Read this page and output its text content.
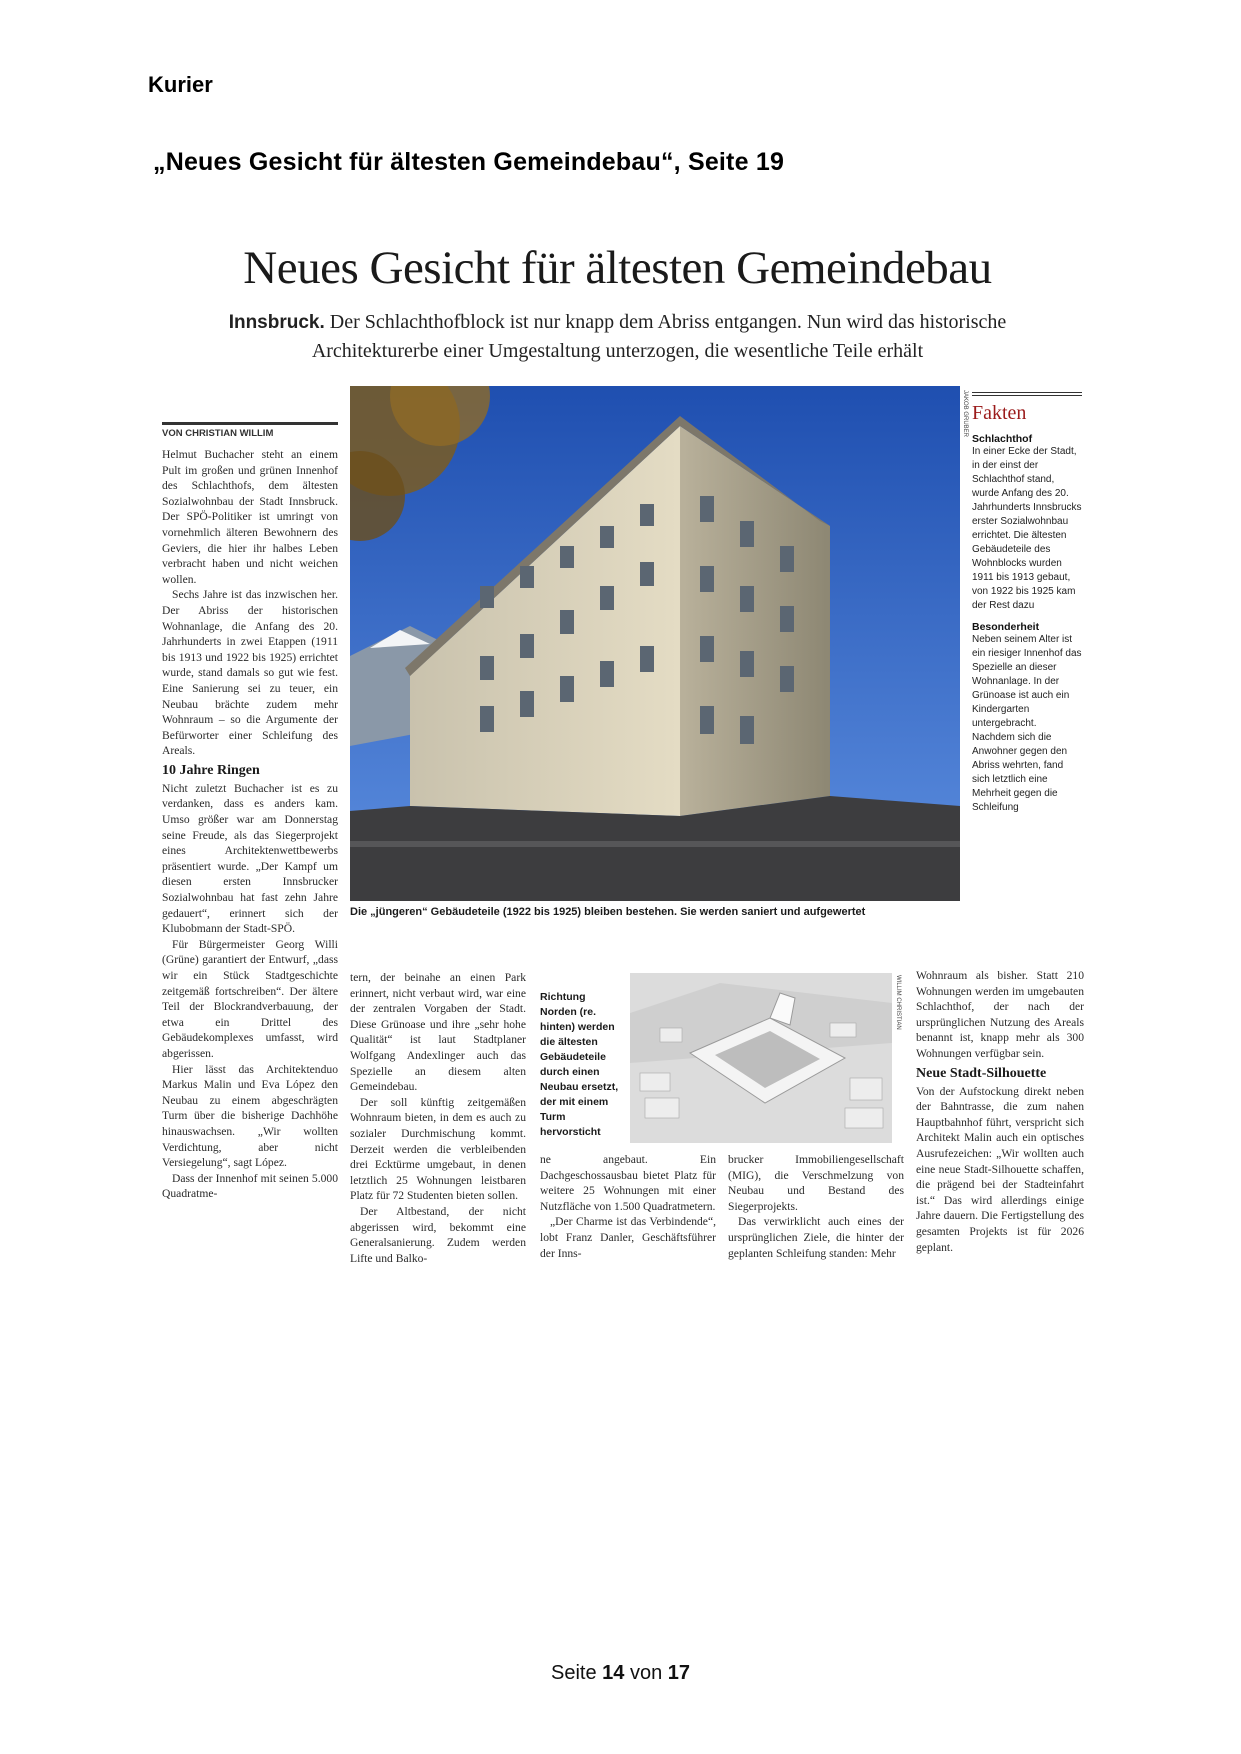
Kurier
„Neues Gesicht für ältesten Gemeindebau“, Seite 19
Neues Gesicht für ältesten Gemeindebau
Innsbruck. Der Schlachthofblock ist nur knapp dem Abriss entgangen. Nun wird das historische Architekturerbe einer Umgestaltung unterzogen, die wesentliche Teile erhält
VON CHRISTIAN WILLIM

Helmut Buchacher steht an einem Pult im großen und grünen Innenhof des Schlachthofs, dem ältesten Sozialwohnbau der Stadt Innsbruck. Der SPÖ-Politiker ist umringt von vornehmlich älteren Bewohnern des Geviers, die hier ihr halbes Leben verbracht haben und nicht weichen wollen.

Sechs Jahre ist das inzwischen her. Der Abriss der historischen Wohnanlage, die Anfang des 20. Jahrhunderts in zwei Etappen (1911 bis 1913 und 1922 bis 1925) errichtet wurde, stand damals so gut wie fest. Eine Sanierung sei zu teuer, ein Neubau brächte zudem mehr Wohnraum – so die Argumente der Befürworter einer Schleifung des Areals.

10 Jahre Ringen

Nicht zuletzt Buchacher ist es zu verdanken, dass es anders kam. Umso größer war am Donnerstag seine Freude, als das Siegerprojekt eines Architektenwettbewerbs präsentiert wurde. „Der Kampf um diesen ersten Innsbrucker Sozialwohnbau hat fast zehn Jahre gedauert“, erinnert sich der Klubobmann der Stadt-SPÖ.

Für Bürgermeister Georg Willi (Grüne) garantiert der Entwurf, „dass wir ein Stück Stadtgeschichte zeitgemäß fortschreiben“. Der ältere Teil der Blockrandverbauung, der etwa ein Drittel des Gebäudekomplexes umfasst, wird abgerissen.

Hier lässt das Architektenduo Markus Malin und Eva López den Neubau zu einem abgeschrägten Turm über die bisherige Dachhöhe hinauswachsen. „Wir wollten Verdichtung, aber nicht Versiegelung“, sagt López.

Dass der Innenhof mit seinen 5.000 Quadratme-

JAKOB GRUBER
Die „jüngeren“ Gebäudeteile (1922 bis 1925) bleiben bestehen. Sie werden saniert und aufgewertet
Fakten
Schlachthof
In einer Ecke der Stadt, in der einst der Schlachthof stand, wurde Anfang des 20. Jahrhunderts Innsbrucks erster Sozialwohnbau errichtet. Die ältesten Gebäudeteile des Wohnblocks wurden 1911 bis 1913 gebaut, von 1922 bis 1925 kam der Rest dazu
Besonderheit
Neben seinem Alter ist ein riesiger Innenhof das Spezielle an dieser Wohnanlage. In der Grünoase ist auch ein Kindergarten untergebracht. Nachdem sich die Anwohner gegen den Abriss wehrten, fand sich letztlich eine Mehrheit gegen die Schleifung

tern, der beinahe an einen Park erinnert, nicht verbaut wird, war eine der zentralen Vorgaben der Stadt. Diese Grünoase und ihre „sehr hohe Qualität“ ist laut Stadtplaner Wolfgang Andexlinger auch das Spezielle an diesem alten Gemeindebau.

Der soll künftig zeitgemäßen Wohnraum bieten, in dem es auch zu sozialer Durchmischung kommt. Derzeit werden die verbleibenden drei Ecktürme umgebaut, in denen letztlich 25 Wohnungen leistbaren Platz für 72 Studenten bieten sollen.

Der Altbestand, der nicht abgerissen wird, bekommt eine Generalsanierung. Zudem werden Lifte und Balko-

Richtung Norden (re. hinten) werden die ältesten Gebäudeteile durch einen Neubau ersetzt, der mit einem Turm hervorsticht
WILLIM CHRISTIAN

ne angebaut. Ein Dachgeschossausbau bietet Platz für weitere 25 Wohnungen mit einer Nutzfläche von 1.500 Quadratmetern.

„Der Charme ist das Verbindende“, lobt Franz Danler, Geschäftsführer der Inns-

brucker Immobiliengesellschaft (MIG), die Verschmelzung von Neubau und Bestand des Siegerprojekts.

Das verwirklicht auch eines der ursprünglichen Ziele, die hinter der geplanten Schleifung standen: Mehr

Wohnraum als bisher. Statt 210 Wohnungen werden im umgebauten Schlachthof, der nach der ursprünglichen Nutzung des Areals benannt ist, knapp mehr als 300 Wohnungen verfügbar sein.

Neue Stadt-Silhouette

Von der Aufstockung direkt neben der Bahntrasse, die zum nahen Hauptbahnhof führt, verspricht sich Architekt Malin auch ein optisches Ausrufezeichen: „Wir wollten auch eine neue Stadt-Silhouette schaffen, die prägend bei der Stadteinfahrt ist.“ Das wird allerdings einige Jahre dauern. Die Fertigstellung des gesamten Projekts ist für 2026 geplant.

Seite 14 von 17
